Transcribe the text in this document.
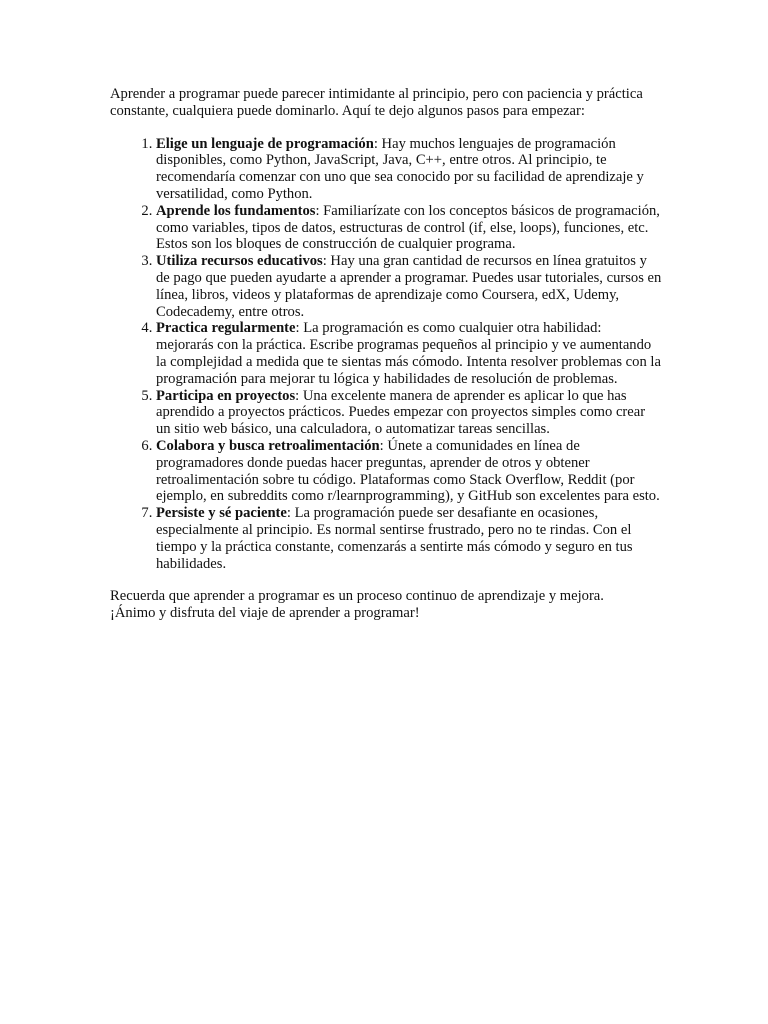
Aprender a programar puede parecer intimidante al principio, pero con paciencia y práctica constante, cualquiera puede dominarlo. Aquí te dejo algunos pasos para empezar:

1. Elige un lenguaje de programación: Hay muchos lenguajes de programación disponibles, como Python, JavaScript, Java, C++, entre otros. Al principio, te recomendaría comenzar con uno que sea conocido por su facilidad de aprendizaje y versatilidad, como Python.
2. Aprende los fundamentos: Familiarízate con los conceptos básicos de programación, como variables, tipos de datos, estructuras de control (if, else, loops), funciones, etc. Estos son los bloques de construcción de cualquier programa.
3. Utiliza recursos educativos: Hay una gran cantidad de recursos en línea gratuitos y de pago que pueden ayudarte a aprender a programar. Puedes usar tutoriales, cursos en línea, libros, videos y plataformas de aprendizaje como Coursera, edX, Udemy, Codecademy, entre otros.
4. Practica regularmente: La programación es como cualquier otra habilidad: mejorarás con la práctica. Escribe programas pequeños al principio y ve aumentando la complejidad a medida que te sientas más cómodo. Intenta resolver problemas con la programación para mejorar tu lógica y habilidades de resolución de problemas.
5. Participa en proyectos: Una excelente manera de aprender es aplicar lo que has aprendido a proyectos prácticos. Puedes empezar con proyectos simples como crear un sitio web básico, una calculadora, o automatizar tareas sencillas.
6. Colabora y busca retroalimentación: Únete a comunidades en línea de programadores donde puedas hacer preguntas, aprender de otros y obtener retroalimentación sobre tu código. Plataformas como Stack Overflow, Reddit (por ejemplo, en subreddits como r/learnprogramming), y GitHub son excelentes para esto.
7. Persiste y sé paciente: La programación puede ser desafiante en ocasiones, especialmente al principio. Es normal sentirse frustrado, pero no te rindas. Con el tiempo y la práctica constante, comenzarás a sentirte más cómodo y seguro en tus habilidades.

Recuerda que aprender a programar es un proceso continuo de aprendizaje y mejora.
¡Ánimo y disfruta del viaje de aprender a programar!
